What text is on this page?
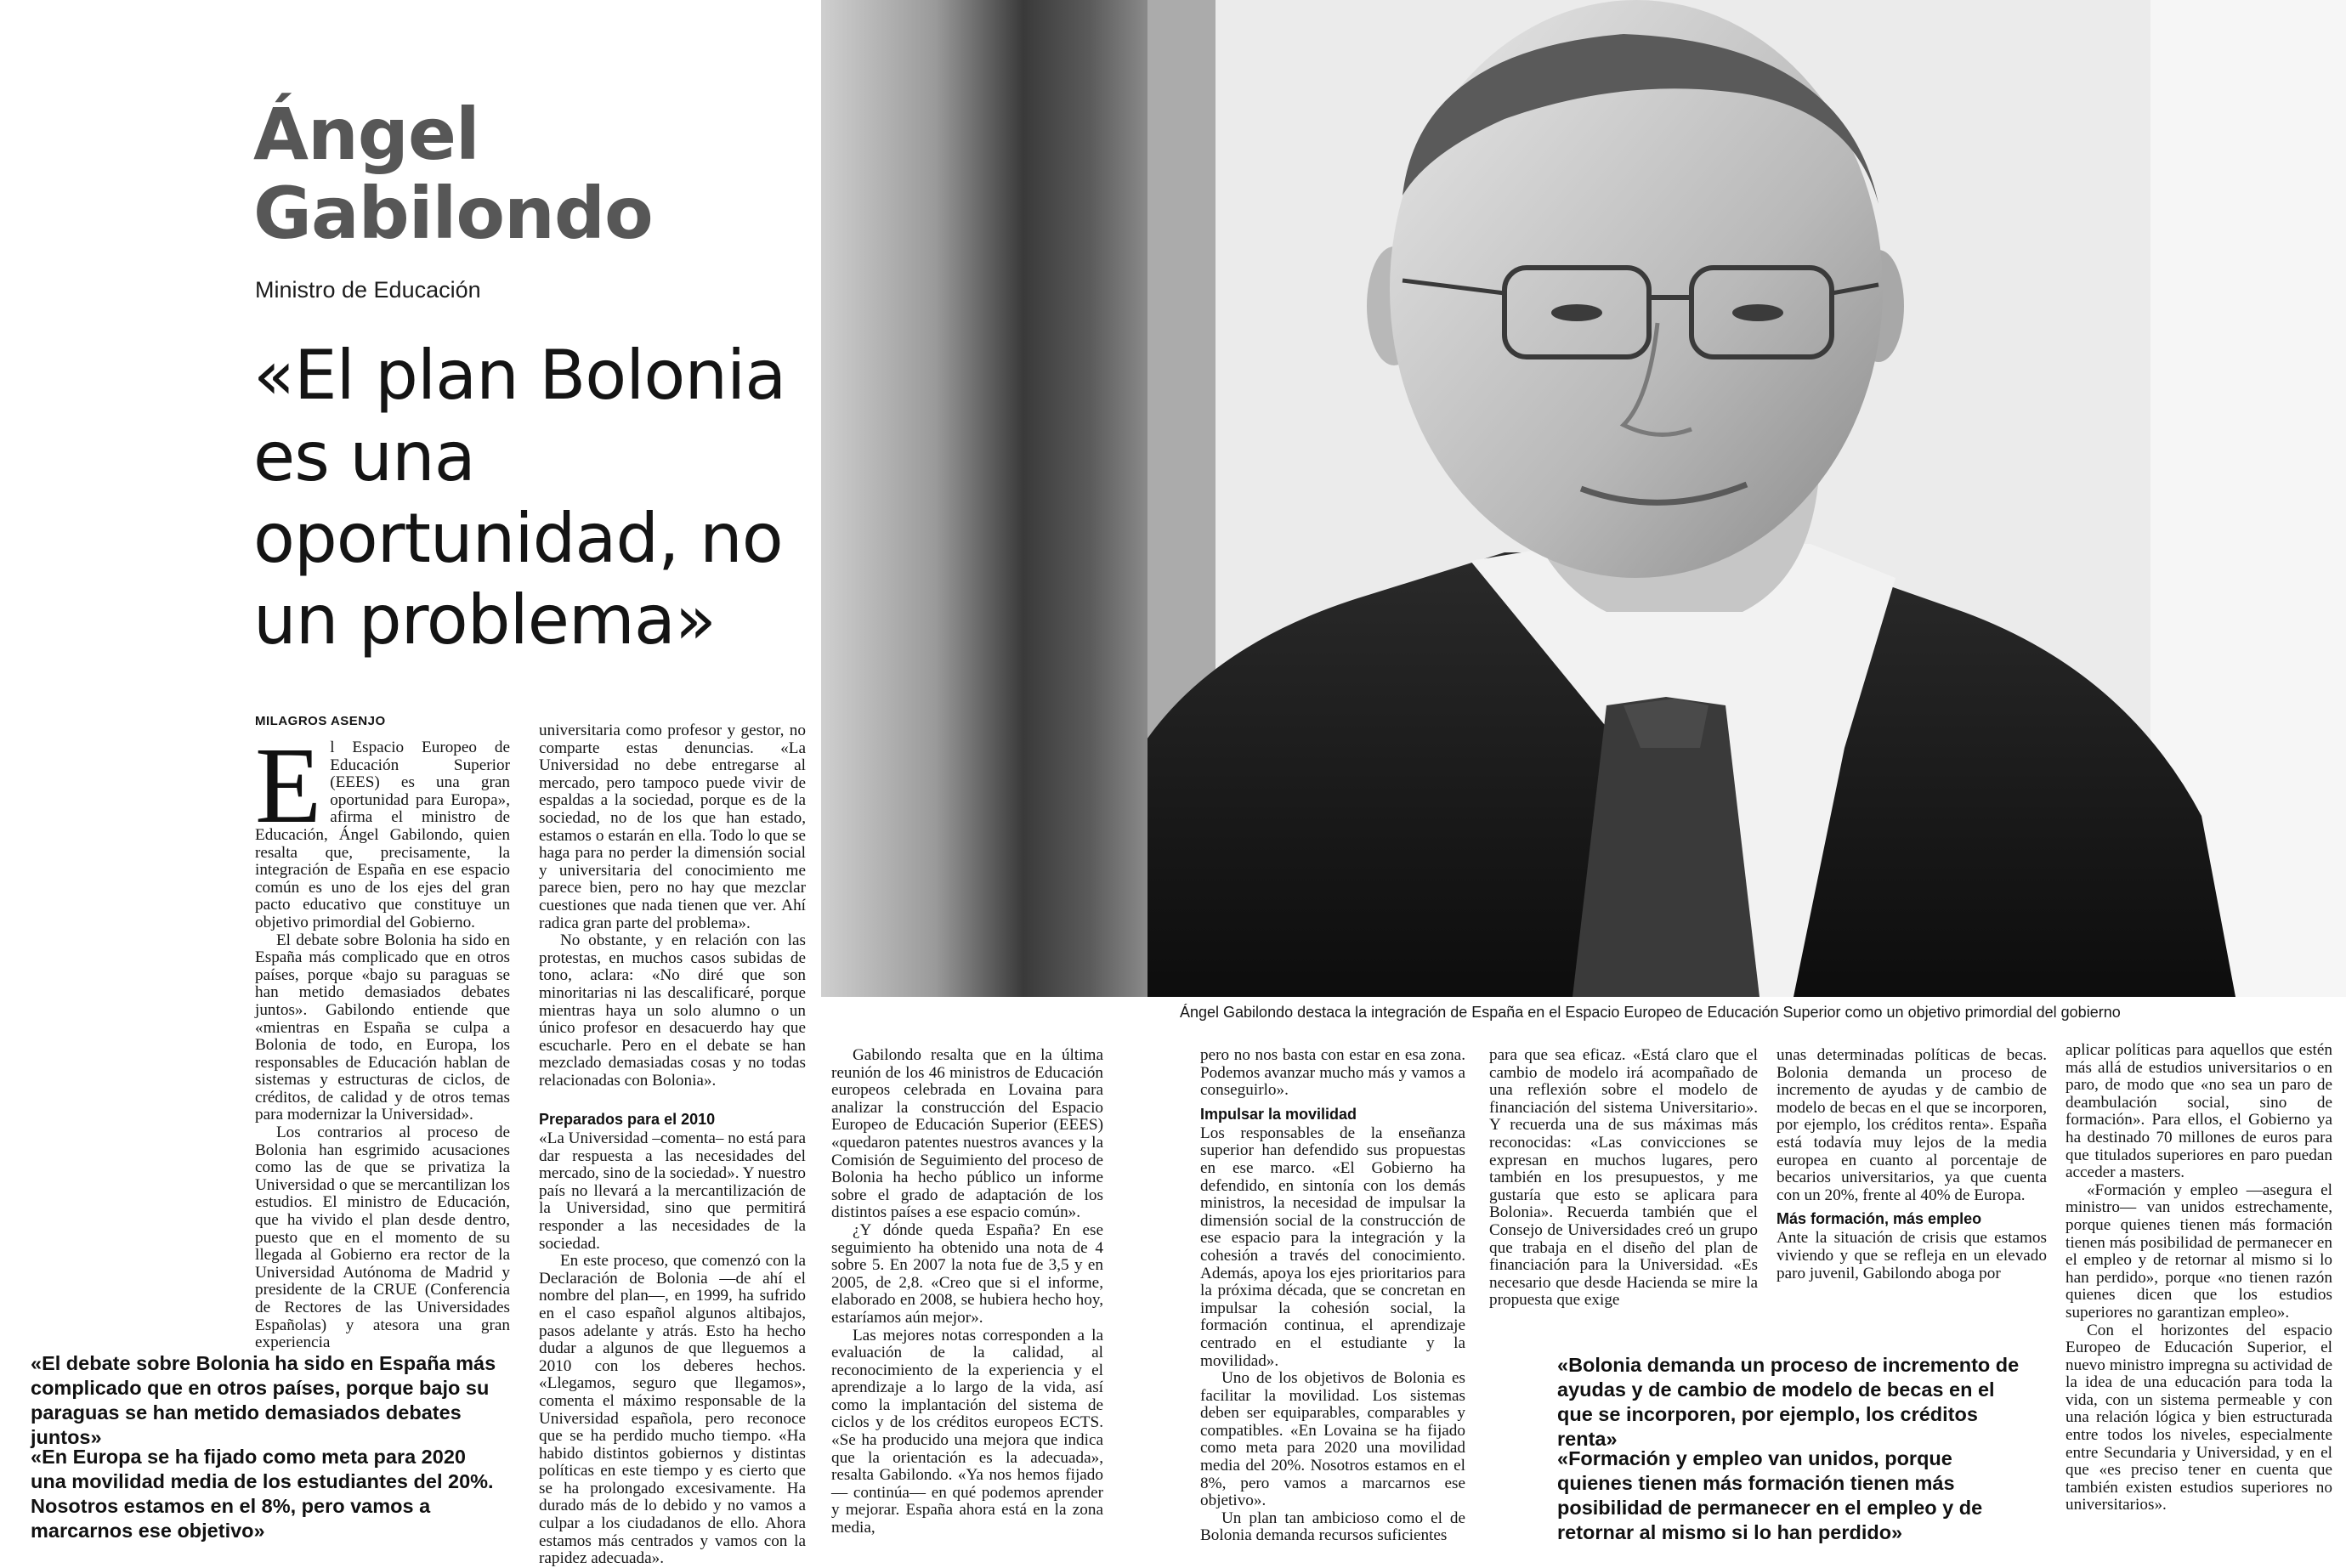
Ángel
Gabilondo
Ministro de Educación
«El plan Bolonia es una oportunidad, no un problema»
MILAGROS ASENJO
Ángel Gabilondo destaca la integración de España en el Espacio Europeo de Educación Superior como un objetivo primordial del gobierno
E l Espacio Europeo de Educación Superior (EEES) es una gran oportunidad para Europa», afirma el ministro de Educación, Ángel Gabilondo, quien resalta que, precisamente, la integración de España en ese espacio común es uno de los ejes del gran pacto educativo que constituye un objetivo primordial del Gobierno.

El debate sobre Bolonia ha sido en España más complicado que en otros países, porque «bajo su paraguas se han metido demasiados debates juntos». Gabilondo entiende que «mientras en España se culpa a Bolonia de todo, en Europa, los responsables de Educación hablan de sistemas y estructuras de ciclos, de créditos, de calidad y de otros temas para modernizar la Universidad».

Los contrarios al proceso de Bolonia han esgrimido acusaciones como las de que se privatiza la Universidad o que se mercantilizan los estudios. El ministro de Educación, que ha vivido el plan desde dentro, puesto que en el momento de su llegada al Gobierno era rector de la Universidad Autónoma de Madrid y presidente de la CRUE (Conferencia de Rectores de las Universidades Españolas) y atesora una gran experiencia

universitaria como profesor y gestor, no comparte estas denuncias. «La Universidad no debe entregarse al mercado, pero tampoco puede vivir de espaldas a la sociedad, porque es de la sociedad, no de los que han estado, estamos o estarán en ella. Todo lo que se haga para no perder la dimensión social y universitaria del conocimiento me parece bien, pero no hay que mezclar cuestiones que nada tienen que ver. Ahí radica gran parte del problema».

No obstante, y en relación con las protestas, en muchos casos subidas de tono, aclara: «No diré que son minoritarias ni las descalificaré, porque mientras haya un solo alumno o un único profesor en desacuerdo hay que escucharle. Pero en el debate se han mezclado demasiadas cosas y no todas relacionadas con Bolonia».

Preparados para el 2010

«La Universidad –comenta– no está para dar respuesta a las necesidades del mercado, sino de la sociedad». Y nuestro país no llevará a la mercantilización de la Universidad, sino que permitirá responder a las necesidades de la sociedad.

En este proceso, que comenzó con la Declaración de Bolonia —de ahí el nombre del plan—, en 1999, ha sufrido en el caso español algunos altibajos, pasos adelante y atrás. Esto ha hecho dudar a algunos de que lleguemos a 2010 con los deberes hechos. «Llegamos, seguro que llegamos», comenta el máximo responsable de la Universidad española, pero reconoce que se ha perdido mucho tiempo. «Ha habido distintos gobiernos y distintas políticas en este tiempo y es cierto que se ha prolongado excesivamente. Ha durado más de lo debido y no vamos a culpar a los ciudadanos de ello. Ahora estamos más centrados y vamos con la rapidez adecuada».

Gabilondo resalta que en la última reunión de los 46 ministros de Educación europeos celebrada en Lovaina para analizar la construcción del Espacio Europeo de Educación Superior (EEES) «quedaron patentes nuestros avances y la Comisión de Seguimiento del proceso de Bolonia ha hecho público un informe sobre el grado de adaptación de los distintos países a ese espacio común».

¿Y dónde queda España? En ese seguimiento ha obtenido una nota de 4 sobre 5. En 2007 la nota fue de 3,5 y en 2005, de 2,8. «Creo que si el informe, elaborado en 2008, se hubiera hecho hoy, estaríamos aún mejor».

Las mejores notas corresponden a la evaluación de la calidad, al reconocimiento de la experiencia y el aprendizaje a lo largo de la vida, así como la implantación del sistema de ciclos y de los créditos europeos ECTS. «Se ha producido una mejora que indica que la orientación es la adecuada», resalta Gabilondo. «Ya nos hemos fijado— continúa— en qué podemos aprender y mejorar. España ahora está en la zona media,

pero no nos basta con estar en esa zona. Podemos avanzar mucho más y vamos a conseguirlo».

Impulsar la movilidad

Los responsables de la enseñanza superior han defendido sus propuestas en ese marco. «El Gobierno ha defendido, en sintonía con los demás ministros, la necesidad de impulsar la dimensión social de la construcción de ese espacio para la integración y la cohesión a través del conocimiento. Además, apoya los ejes prioritarios para la próxima década, que se concretan en impulsar la cohesión social, la formación continua, el aprendizaje centrado en el estudiante y la movilidad».

Uno de los objetivos de Bolonia es facilitar la movilidad. Los sistemas deben ser equiparables, comparables y compatibles. «En Lovaina se ha fijado como meta para 2020 una movilidad media del 20%. Nosotros estamos en el 8%, pero vamos a marcarnos ese objetivo».

Un plan tan ambicioso como el de Bolonia demanda recursos suficientes

para que sea eficaz. «Está claro que el cambio de modelo irá acompañado de una reflexión sobre el modelo de financiación del sistema Universitario». Y recuerda una de sus máximas más reconocidas: «Las convicciones se expresan en muchos lugares, pero también en los presupuestos, y me gustaría que esto se aplicara para Bolonia». Recuerda también que el Consejo de Universidades creó un grupo que trabaja en el diseño del plan de financiación para la Universidad. «Es necesario que desde Hacienda se mire la propuesta que exige

unas determinadas políticas de becas. Bolonia demanda un proceso de incremento de ayudas y de cambio de modelo de becas en el que se incorporen, por ejemplo, los créditos renta». España está todavía muy lejos de la media europea en cuanto al porcentaje de becarios universitarios, ya que cuenta con un 20%, frente al 40% de Europa.

Más formación, más empleo

Ante la situación de crisis que estamos viviendo y que se refleja en un elevado paro juvenil, Gabilondo aboga por

aplicar políticas para aquellos que estén más allá de estudios universitarios o en paro, de modo que «no sea un paro de deambulación social, sino de formación». Para ellos, el Gobierno ya ha destinado 70 millones de euros para que titulados superiores en paro puedan acceder a masters.

«Formación y empleo —asegura el ministro— van unidos estrechamente, porque quienes tienen más formación tienen más posibilidad de permanecer en el empleo y de retornar al mismo si lo han perdido», porque «no tienen razón quienes dicen que los estudios superiores no garantizan empleo».

Con el horizontes del espacio Europeo de Educación Superior, el nuevo ministro impregna su actividad de la idea de una educación para toda la vida, con un sistema permeable y con una relación lógica y bien estructurada entre todos los niveles, especialmente entre Secundaria y Universidad, y en el que «es preciso tener en cuenta que también existen estudios superiores no universitarios».

«El debate sobre Bolonia ha sido en España más complicado que en otros países, porque bajo su paraguas se han metido demasiados debates juntos»
«En Europa se ha fijado como meta para 2020 una movilidad media de los estudiantes del 20%. Nosotros estamos en el 8%, pero vamos a marcarnos ese objetivo»
«Bolonia demanda un proceso de incremento de ayudas y de cambio de modelo de becas en el que se incorporen, por ejemplo, los créditos renta»
«Formación y empleo van unidos, porque quienes tienen más formación tienen más posibilidad de permanecer en el empleo y de retornar al mismo si lo han perdido»
